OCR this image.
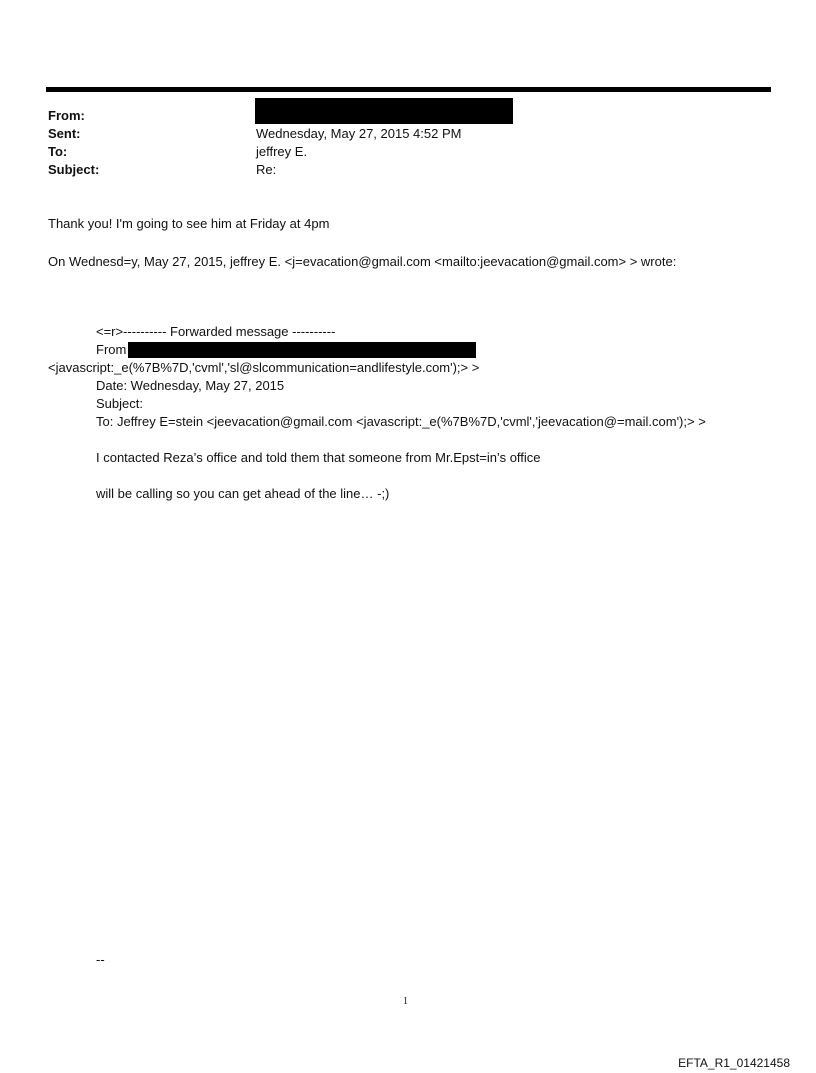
From:
Sent:	Wednesday, May 27, 2015 4:52 PM
To:	jeffrey E.
Subject:	Re:
Thank you! I'm going to see him at Friday at 4pm
On Wednesd=y, May 27, 2015, jeffrey E. <j=evacation@gmail.com <mailto:jeevacation@gmail.com> > wrote:
<=r>---------- Forwarded message ----------
From
<javascript:_e(%7B%7D,'cvml','sl@slcommunication=andlifestyle.com');> >
Date: Wednesday, May 27, 2015
Subject:
To: Jeffrey E=stein <jeevacation@gmail.com <javascript:_e(%7B%7D,'cvml','jeevacation@=mail.com');> >
I contacted Reza’s office and told them that someone from Mr.Epst=in’s office
will be calling so you can get ahead of the line… -;)
--
1
EFTA_R1_01421458
